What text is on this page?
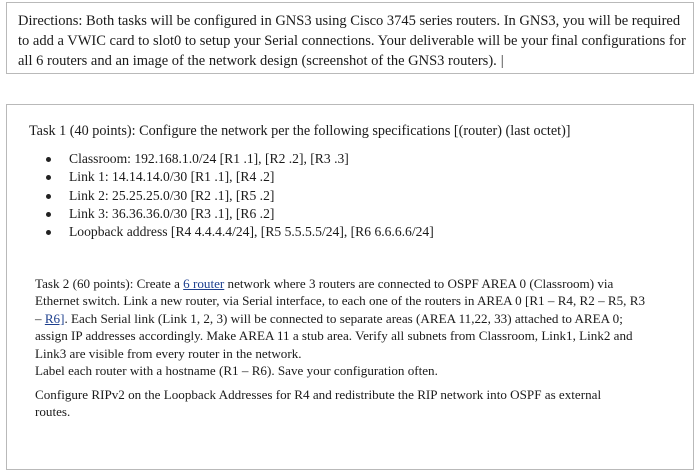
Directions: Both tasks will be configured in GNS3 using Cisco 3745 series routers. In GNS3, you will be required to add a VWIC card to slot0 to setup your Serial connections. Your deliverable will be your final configurations for all 6 routers and an image of the network design (screenshot of the GNS3 routers). |
Task 1 (40 points): Configure the network per the following specifications [(router) (last octet)]
Classroom: 192.168.1.0/24 [R1 .1], [R2 .2], [R3 .3]
Link 1: 14.14.14.0/30 [R1 .1], [R4 .2]
Link 2: 25.25.25.0/30 [R2 .1], [R5 .2]
Link 3: 36.36.36.0/30 [R3 .1], [R6 .2]
Loopback address [R4 4.4.4.4/24], [R5 5.5.5.5/24], [R6 6.6.6.6/24]
Task 2 (60 points): Create a 6 router network where 3 routers are connected to OSPF AREA 0 (Classroom) via Ethernet switch. Link a new router, via Serial interface, to each one of the routers in AREA 0 [R1 – R4, R2 – R5, R3 – R6]. Each Serial link (Link 1, 2, 3) will be connected to separate areas (AREA 11,22, 33) attached to AREA 0; assign IP addresses accordingly. Make AREA 11 a stub area. Verify all subnets from Classroom, Link1, Link2 and Link3 are visible from every router in the network.
Label each router with a hostname (R1 – R6). Save your configuration often.
Configure RIPv2 on the Loopback Addresses for R4 and redistribute the RIP network into OSPF as external routes.
